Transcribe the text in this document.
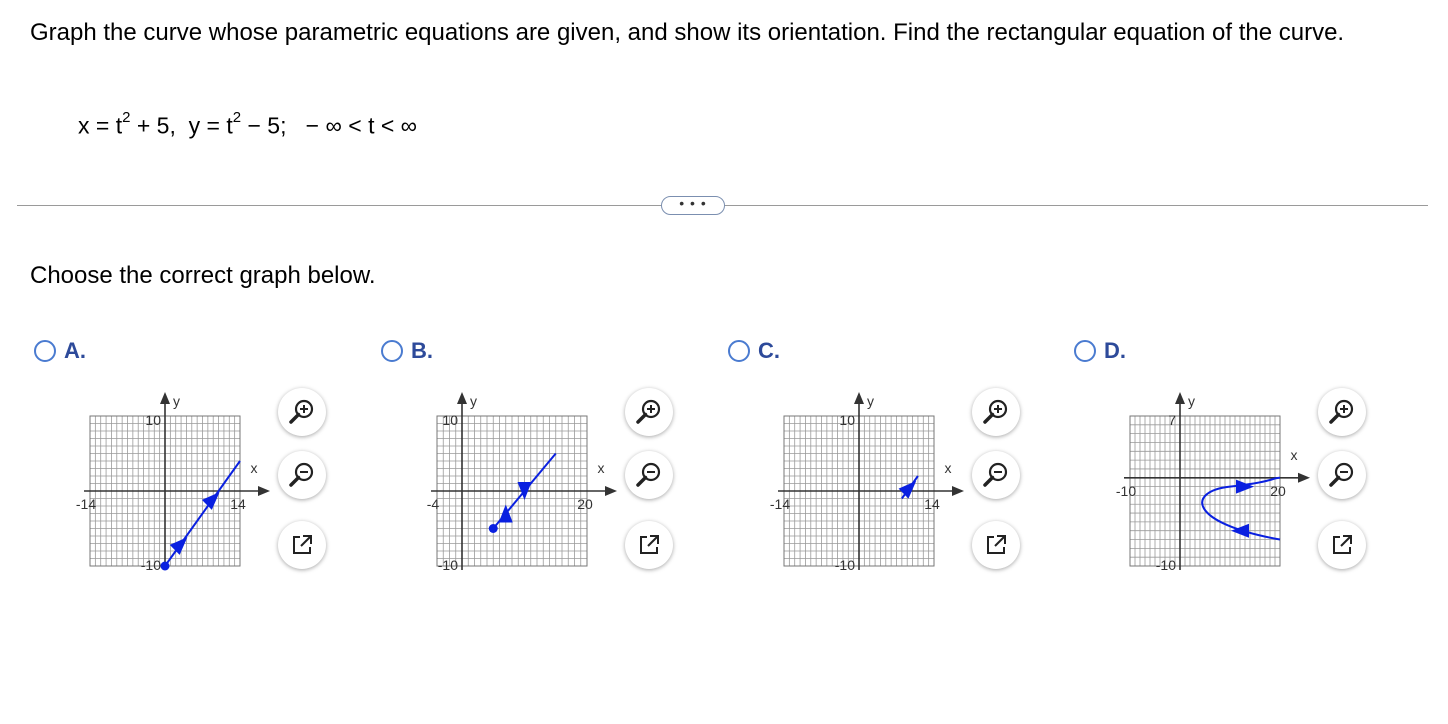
Graph the curve whose parametric equations are given, and show its orientation. Find the rectangular equation of the curve.
$x = t^2 + 5$,  $y = t^2 - 5$;   − ∞ < t < ∞
• • •
Choose the correct graph below.
A.
y
x
10
-10
-14	14
B.
y
x
10
-10
-4	20
C.
y
x
10
-10
-14	14
D.
y
x
7
-10
-10	20
